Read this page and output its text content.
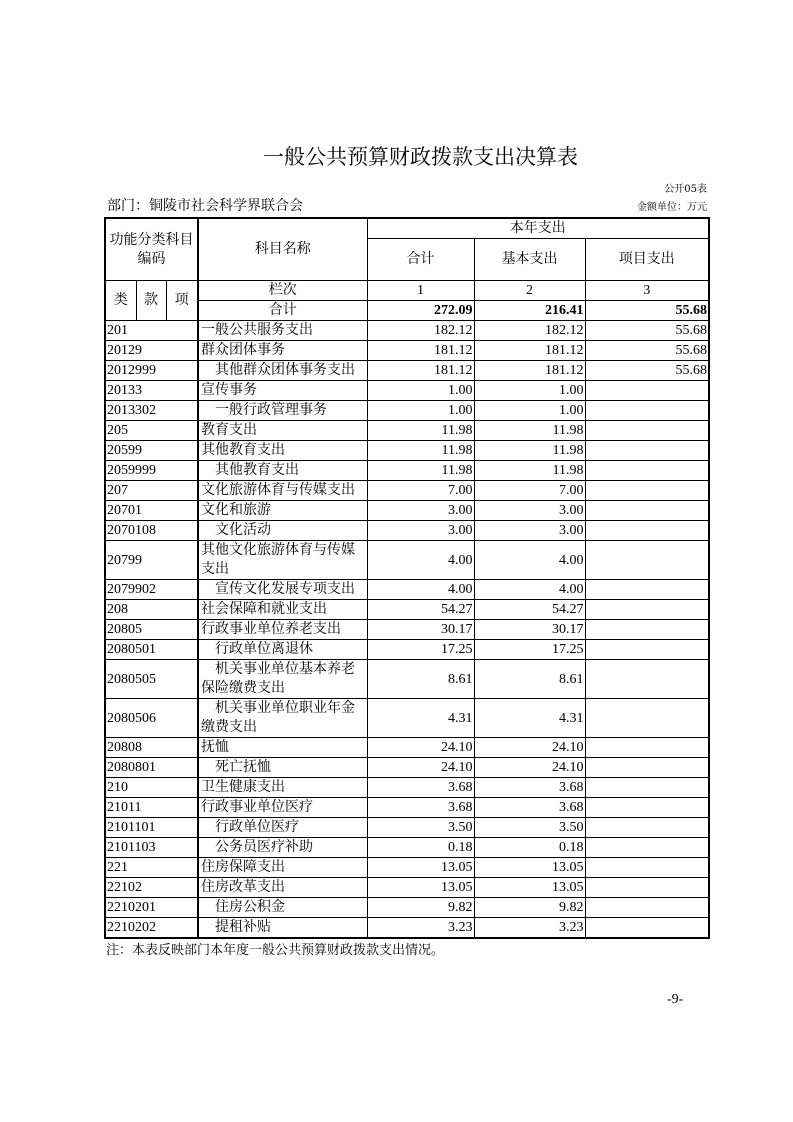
一般公共预算财政拨款支出决算表
公开05表
部门：铜陵市社会科学界联合会	金额单位：万元
功能分类科目编码			科目名称	本年支出		
				合计	基本支出	项目支出
类	款	项	栏次	1	2	3
			合计	272.09	216.41	55.68
201			一般公共服务支出	182.12	182.12	55.68
20129			群众团体事务	181.12	181.12	55.68
2012999			其他群众团体事务支出	181.12	181.12	55.68
20133			宣传事务	1.00	1.00	
2013302			一般行政管理事务	1.00	1.00	
205			教育支出	11.98	11.98	
20599			其他教育支出	11.98	11.98	
2059999			其他教育支出	11.98	11.98	
207			文化旅游体育与传媒支出	7.00	7.00	
20701			文化和旅游	3.00	3.00	
2070108			文化活动	3.00	3.00	
20799			其他文化旅游体育与传媒支出	4.00	4.00	
2079902			宣传文化发展专项支出	4.00	4.00	
208			社会保障和就业支出	54.27	54.27	
20805			行政事业单位养老支出	30.17	30.17	
2080501			行政单位离退休	17.25	17.25	
2080505			机关事业单位基本养老保险缴费支出	8.61	8.61	
2080506			机关事业单位职业年金缴费支出	4.31	4.31	
20808			抚恤	24.10	24.10	
2080801			死亡抚恤	24.10	24.10	
210			卫生健康支出	3.68	3.68	
21011			行政事业单位医疗	3.68	3.68	
2101101			行政单位医疗	3.50	3.50	
2101103			公务员医疗补助	0.18	0.18	
221			住房保障支出	13.05	13.05	
22102			住房改革支出	13.05	13.05	
2210201			住房公积金	9.82	9.82	
2210202			提租补贴	3.23	3.23	
注：本表反映部门本年度一般公共预算财政拨款支出情况。
-9-
